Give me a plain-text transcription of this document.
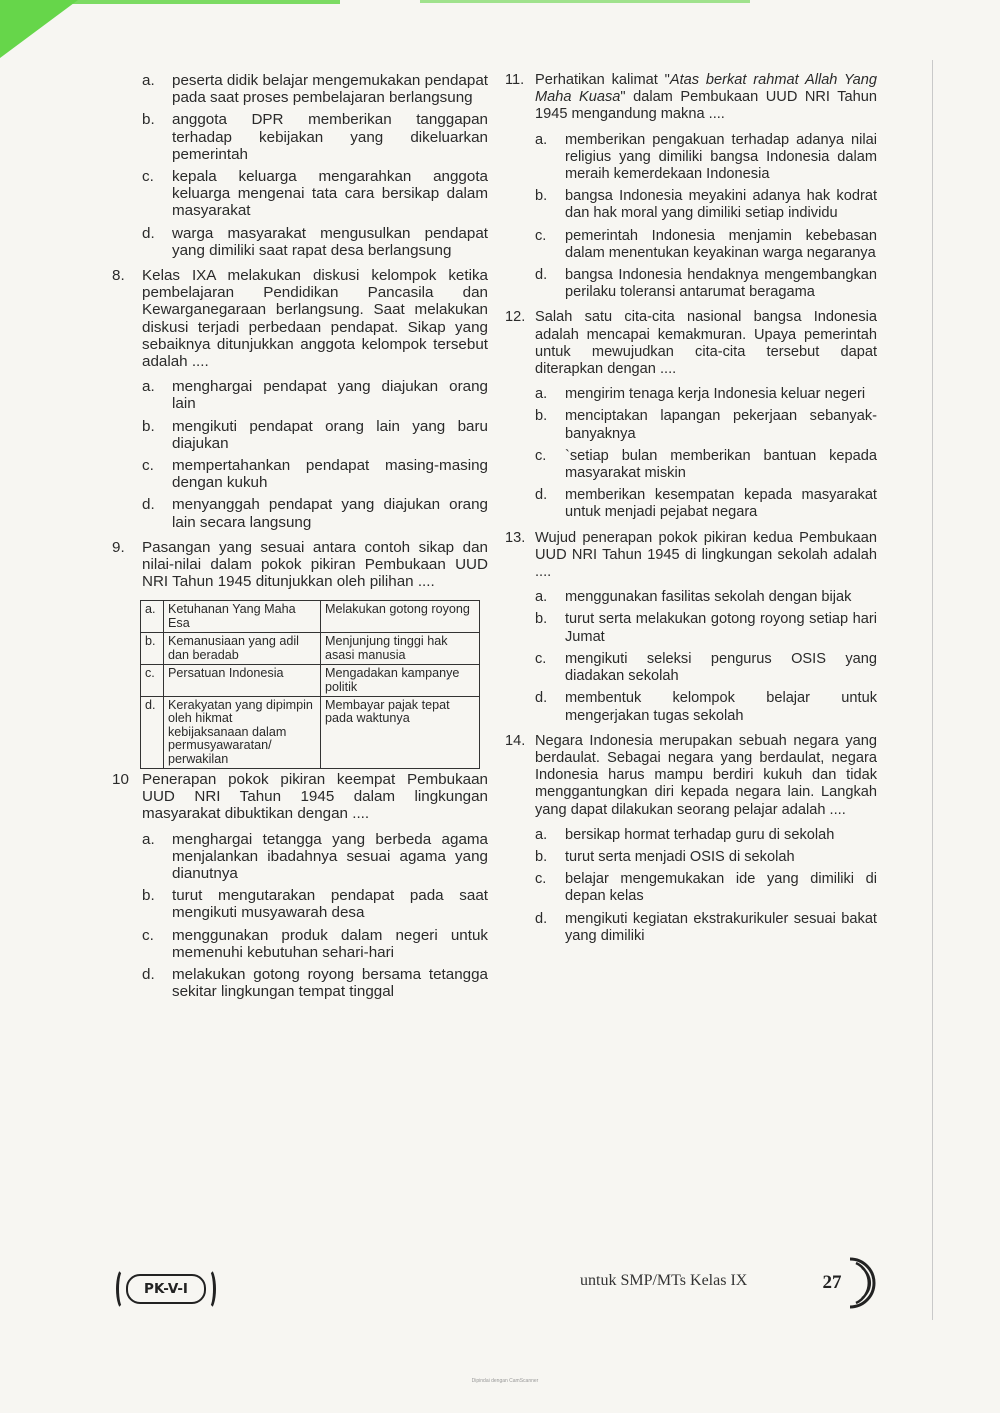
a.	peserta didik belajar mengemukakan pendapat pada saat proses pembelajaran berlangsung
b.	anggota DPR memberikan tanggapan terhadap kebijakan yang dikeluarkan pemerintah
c.	kepala keluarga mengarahkan anggota keluarga mengenai tata cara bersikap dalam masyarakat
d.	warga masyarakat mengusulkan pendapat yang dimiliki saat rapat desa berlangsung
8.	Kelas IXA melakukan diskusi kelompok ketika pembelajaran Pendidikan Pancasila dan Kewarganegaraan berlangsung. Saat melakukan diskusi terjadi perbedaan pendapat. Sikap yang sebaiknya ditunjukkan anggota kelompok tersebut adalah ....
a.	menghargai pendapat yang diajukan orang lain
b.	mengikuti pendapat orang lain yang baru diajukan
c.	mempertahankan pendapat masing-masing dengan kukuh
d.	menyanggah pendapat yang diajukan orang lain secara langsung
9.	Pasangan yang sesuai antara contoh sikap dan nilai-nilai dalam pokok pikiran Pembukaan UUD NRI Tahun 1945 ditunjukkan oleh pilihan ....
a.	Ketuhanan Yang Maha Esa	Melakukan gotong royong
b.	Kemanusiaan yang adil dan beradab	Menjunjung tinggi hak asasi manusia
c.	Persatuan Indonesia	Mengadakan kampanye politik
d.	Kerakyatan yang dipimpin oleh hikmat kebijaksanaan dalam permusyawaratan/ perwakilan	Membayar pajak tepat pada waktunya
10 Penerapan pokok pikiran keempat Pembukaan UUD NRI Tahun 1945 dalam lingkungan masyarakat dibuktikan dengan ....
a.	menghargai tetangga yang berbeda agama menjalankan ibadahnya sesuai agama yang dianutnya
b.	turut mengutarakan pendapat pada saat mengikuti musyawarah desa
c.	menggunakan produk dalam negeri untuk memenuhi kebutuhan sehari-hari
d.	melakukan gotong royong bersama tetangga sekitar lingkungan tempat tinggal
11. Perhatikan kalimat "Atas berkat rahmat Allah Yang Maha Kuasa" dalam Pembukaan UUD NRI Tahun 1945 mengandung makna ....
a.	memberikan pengakuan terhadap adanya nilai religius yang dimiliki bangsa Indonesia dalam meraih kemerdekaan Indonesia
b.	bangsa Indonesia meyakini adanya hak kodrat dan hak moral yang dimiliki setiap individu
c.	pemerintah Indonesia menjamin kebebasan dalam menentukan keyakinan warga negaranya
d.	bangsa Indonesia hendaknya mengembangkan perilaku toleransi antarumat beragama
12. Salah satu cita-cita nasional bangsa Indonesia adalah mencapai kemakmuran. Upaya pemerintah untuk mewujudkan cita-cita tersebut dapat diterapkan dengan ....
a.	mengirim tenaga kerja Indonesia keluar negeri
b.	menciptakan lapangan pekerjaan sebanyak-banyaknya
c.	`setiap bulan memberikan bantuan kepada masyarakat miskin
d.	memberikan kesempatan kepada masyarakat untuk menjadi pejabat negara
13. Wujud penerapan pokok pikiran kedua Pembukaan UUD NRI Tahun 1945 di lingkungan sekolah adalah ....
a.	menggunakan fasilitas sekolah dengan bijak
b.	turut serta melakukan gotong royong setiap hari Jumat
c.	mengikuti seleksi pengurus OSIS yang diadakan sekolah
d.	membentuk kelompok belajar untuk mengerjakan tugas sekolah
14. Negara Indonesia merupakan sebuah negara yang berdaulat. Sebagai negara yang berdaulat, negara Indonesia harus mampu berdiri kukuh dan tidak menggantungkan diri kepada negara lain. Langkah yang dapat dilakukan seorang pelajar adalah ....
a.	bersikap hormat terhadap guru di sekolah
b.	turut serta menjadi OSIS di sekolah
c.	belajar mengemukakan ide yang dimiliki di depan kelas
d.	mengikuti kegiatan ekstrakurikuler sesuai bakat yang dimiliki
PK-V-I	untuk SMP/MTs Kelas IX	27
Dipindai dengan CamScanner
